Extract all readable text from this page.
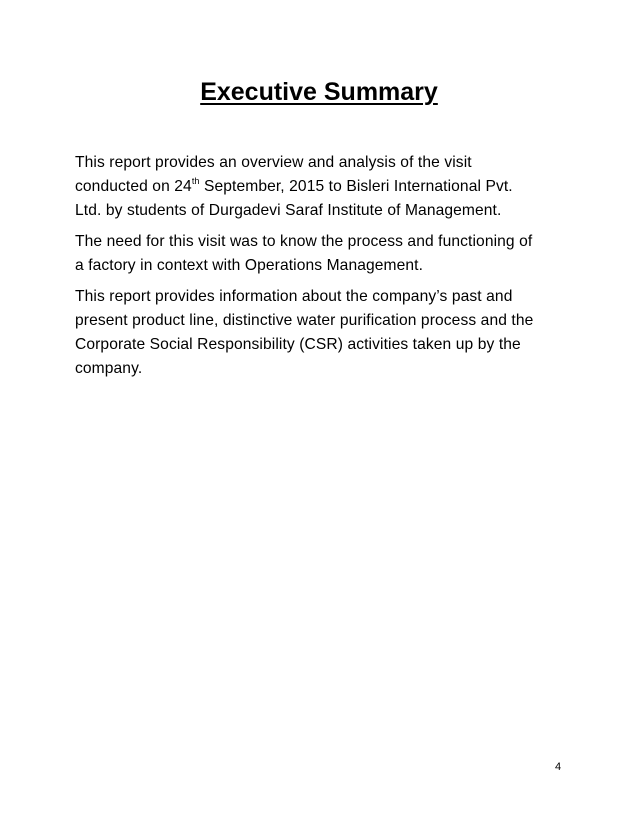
Executive Summary

This report provides an overview and analysis of the visit
conducted on 24th September, 2015 to Bisleri International Pvt.
Ltd. by students of Durgadevi Saraf Institute of Management.

The need for this visit was to know the process and functioning of
a factory in context with Operations Management.

This report provides information about the company’s past and
present product line, distinctive water purification process and the
Corporate Social Responsibility (CSR) activities taken up by the
company.

4
